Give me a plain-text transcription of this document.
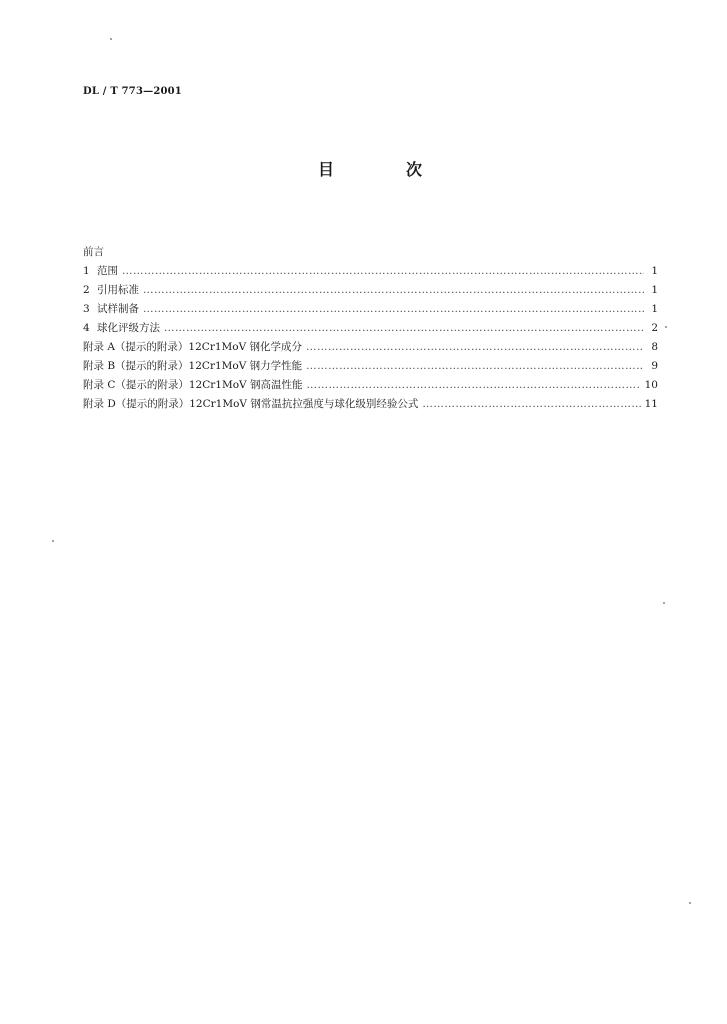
DL / T 773—2001
目	次
前言
1 范围 …………………………………………………………………………………………………………………………………………………………………………………………	1
2 引用标准 …………………………………………………………………………………………………………………………………………………………………………………………	1
3 试样制备 …………………………………………………………………………………………………………………………………………………………………………………………	1
4 球化评级方法 …………………………………………………………………………………………………………………………………………………………………………………………	2
附录 A（提示的附录）12Cr1MoV 钢化学成分 …………………………………………………………………………………………………………………………………………………………………………………………	8
附录 B（提示的附录）12Cr1MoV 钢力学性能 …………………………………………………………………………………………………………………………………………………………………………………………	9
附录 C（提示的附录）12Cr1MoV 钢高温性能 …………………………………………………………………………………………………………………………………………………………………………………………	10
附录 D（提示的附录）12Cr1MoV 钢常温抗拉强度与球化级别经验公式 …………………………………………………………………………………………………………………………………………………………………………………………	11
